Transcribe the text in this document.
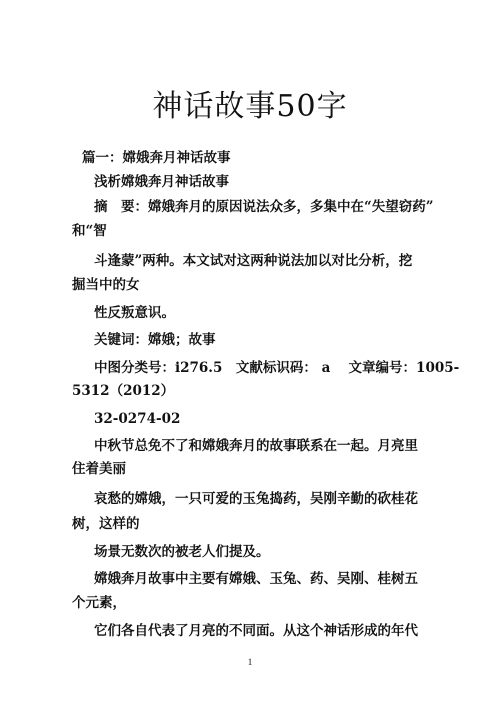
神话故事50字
篇一：嫦娥奔月神话故事
浅析嫦娥奔月神话故事
摘　要：嫦娥奔月的原因说法众多，多集中在“失望窃药”
和“智
斗逢蒙”两种。本文试对这两种说法加以对比分析，挖
掘当中的女
性反叛意识。
关键词：嫦娥；故事
中图分类号：i276.5　文献标识码： a　 文章编号：1005-
5312（2012）
32-0274-02
中秋节总免不了和嫦娥奔月的故事联系在一起。月亮里
住着美丽
哀愁的嫦娥，一只可爱的玉兔捣药，吴刚辛勤的砍桂花
树，这样的
场景无数次的被老人们提及。
嫦娥奔月故事中主要有嫦娥、玉兔、药、吴刚、桂树五
个元素，
它们各自代表了月亮的不同面。从这个神话形成的年代
1
